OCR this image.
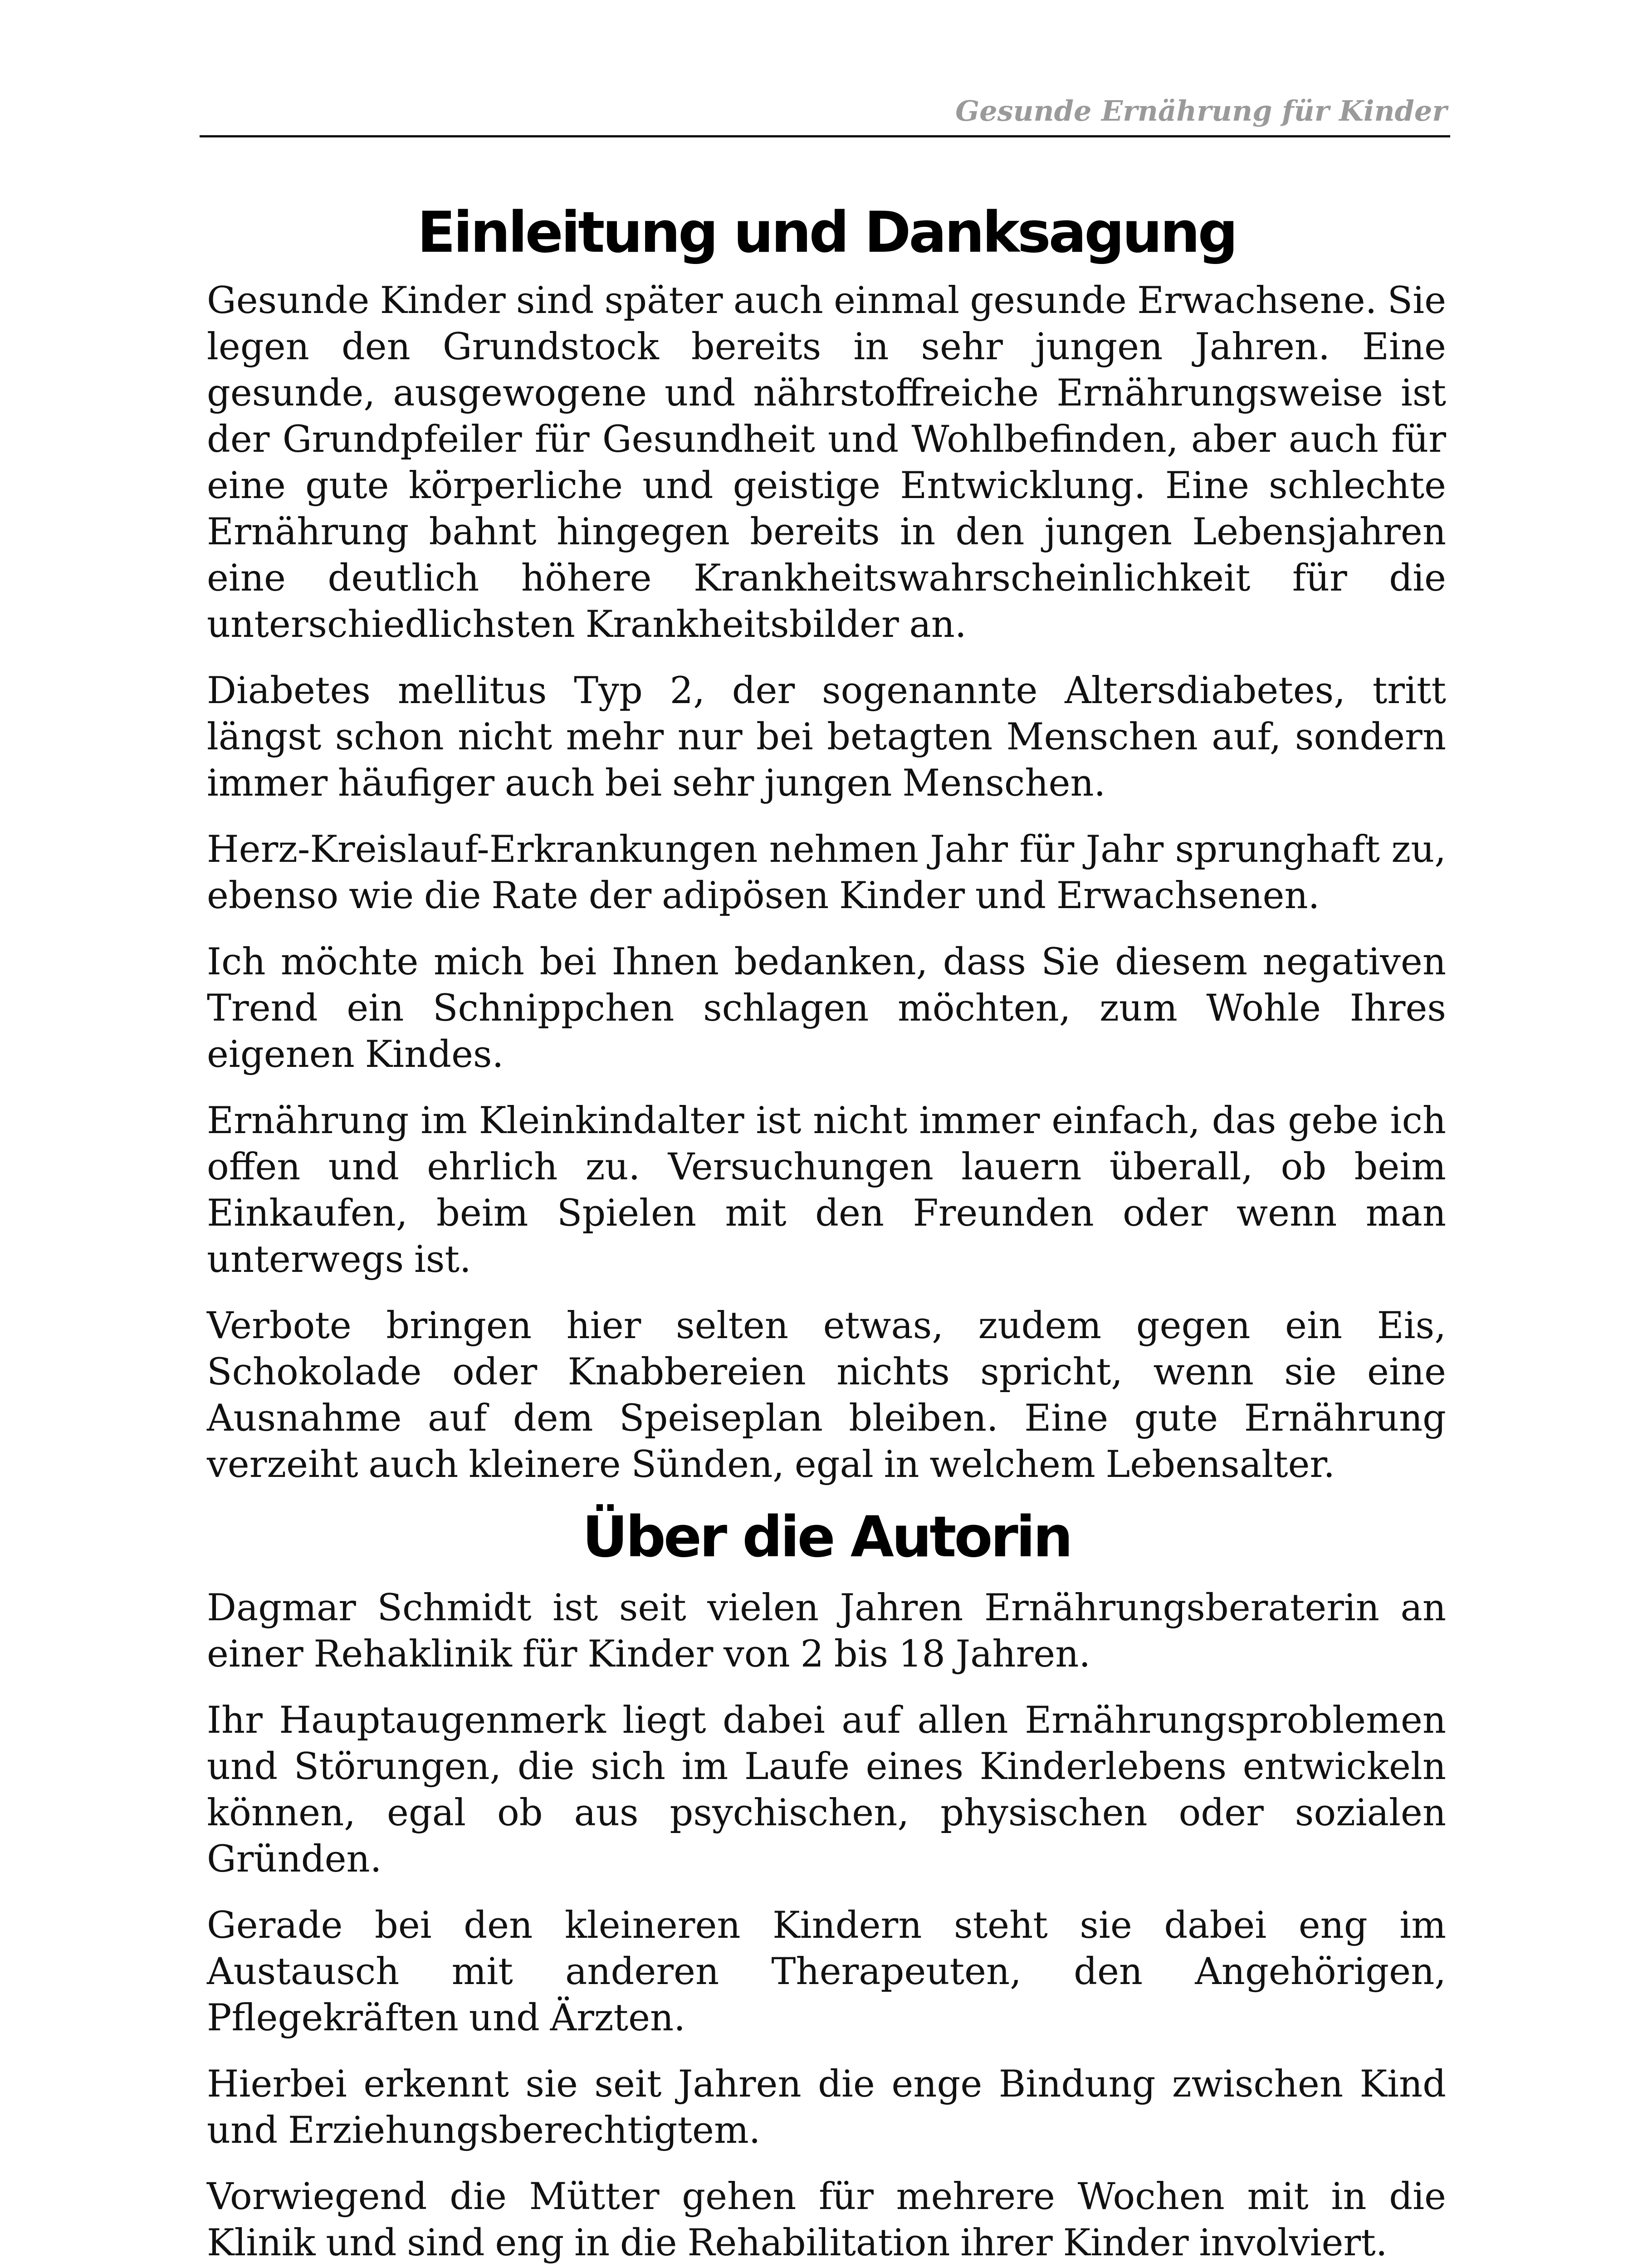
Gesunde Ernährung für Kinder
Einleitung und Danksagung

Gesunde Kinder sind später auch einmal gesunde Erwachsene. Sie legen den Grundstock bereits in sehr jungen Jahren. Eine gesunde, ausgewogene und nährstoffreiche Ernährungsweise ist der Grundpfeiler für Gesundheit und Wohlbefinden, aber auch für eine gute körperliche und geistige Entwicklung. Eine schlechte Ernährung bahnt hingegen bereits in den jungen Lebensjahren eine deutlich höhere Krankheitswahrscheinlichkeit für die unterschiedlichsten Krankheitsbilder an.

Diabetes mellitus Typ 2, der sogenannte Altersdiabetes, tritt längst schon nicht mehr nur bei betagten Menschen auf, sondern immer häufiger auch bei sehr jungen Menschen.

Herz-Kreislauf-Erkrankungen nehmen Jahr für Jahr sprunghaft zu, ebenso wie die Rate der adipösen Kinder und Erwachsenen.

Ich möchte mich bei Ihnen bedanken, dass Sie diesem negativen Trend ein Schnippchen schlagen möchten, zum Wohle Ihres eigenen Kindes.

Ernährung im Kleinkindalter ist nicht immer einfach, das gebe ich offen und ehrlich zu. Versuchungen lauern überall, ob beim Einkaufen, beim Spielen mit den Freunden oder wenn man unterwegs ist.

Verbote bringen hier selten etwas, zudem gegen ein Eis, Schokolade oder Knabbereien nichts spricht, wenn sie eine Ausnahme auf dem Speiseplan bleiben. Eine gute Ernährung verzeiht auch kleinere Sünden, egal in welchem Lebensalter.

Über die Autorin

Dagmar Schmidt ist seit vielen Jahren Ernährungsberaterin an einer Rehaklinik für Kinder von 2 bis 18 Jahren.

Ihr Hauptaugenmerk liegt dabei auf allen Ernährungsproblemen und Störungen, die sich im Laufe eines Kinderlebens entwickeln können, egal ob aus psychischen, physischen oder sozialen Gründen.

Gerade bei den kleineren Kindern steht sie dabei eng im Austausch mit anderen Therapeuten, den Angehörigen, Pflegekräften und Ärzten.

Hierbei erkennt sie seit Jahren die enge Bindung zwischen Kind und Erziehungsberechtigtem.

Vorwiegend die Mütter gehen für mehrere Wochen mit in die Klinik und sind eng in die Rehabilitation ihrer Kinder involviert.
